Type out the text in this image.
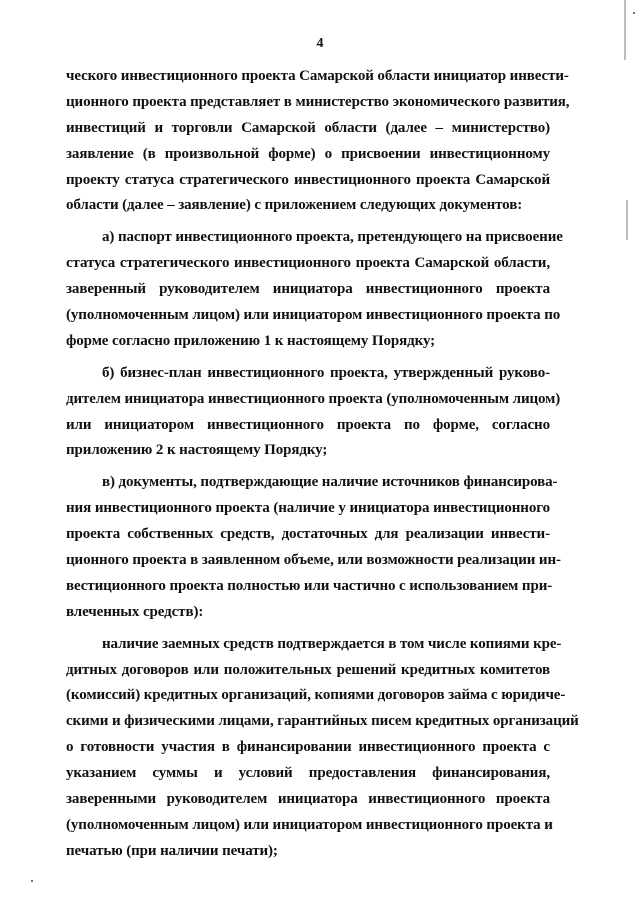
4
ческого инвестиционного проекта Самарской области инициатор инвести-
ционного проекта представляет в министерство экономического развития,
инвестиций и торговли Самарской области (далее – министерство)
заявление (в произвольной форме) о присвоении инвестиционному
проекту статуса стратегического инвестиционного проекта Самарской
области (далее – заявление) с приложением следующих документов:
а) паспорт инвестиционного проекта, претендующего на присвоение
статуса стратегического инвестиционного проекта Самарской области,
заверенный руководителем инициатора инвестиционного проекта
(уполномоченным лицом) или инициатором инвестиционного проекта по
форме согласно приложению 1 к настоящему Порядку;
б) бизнес-план инвестиционного проекта, утвержденный руково-
дителем инициатора инвестиционного проекта (уполномоченным лицом)
или инициатором инвестиционного проекта по форме, согласно
приложению 2 к настоящему Порядку;
в) документы, подтверждающие наличие источников финансирова-
ния инвестиционного проекта (наличие у инициатора инвестиционного
проекта собственных средств, достаточных для реализации инвести-
ционного проекта в заявленном объеме, или возможности реализации ин-
вестиционного проекта полностью или частично с использованием при-
влеченных средств):
наличие заемных средств подтверждается в том числе копиями кре-
дитных договоров или положительных решений кредитных комитетов
(комиссий) кредитных организаций, копиями договоров займа с юридиче-
скими и физическими лицами, гарантийных писем кредитных организаций
о готовности участия в финансировании инвестиционного проекта с
указанием суммы и условий предоставления финансирования,
заверенными руководителем инициатора инвестиционного проекта
(уполномоченным лицом) или инициатором инвестиционного проекта и
печатью (при наличии печати);
